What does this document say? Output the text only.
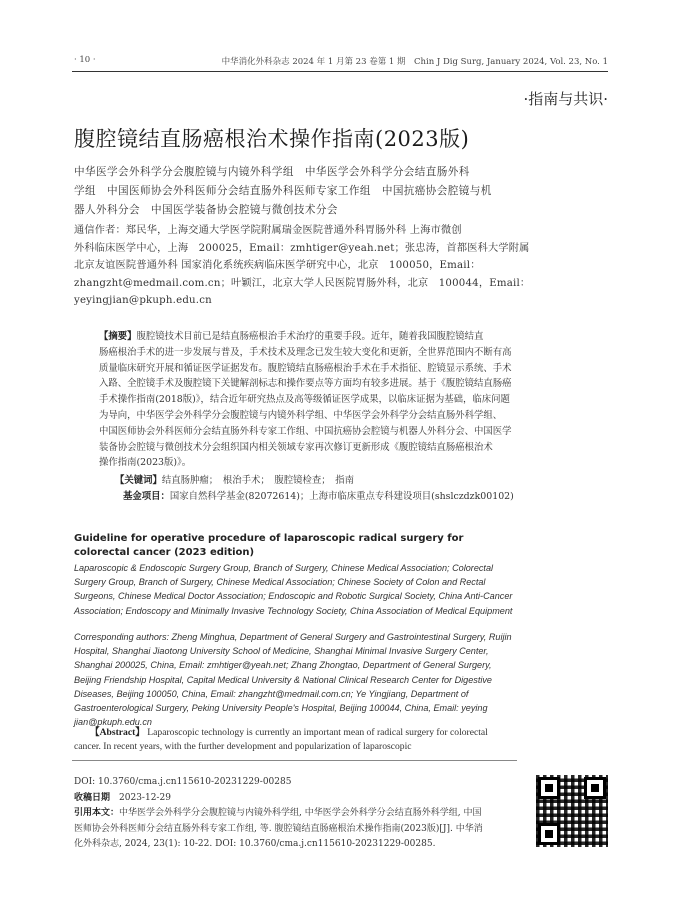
· 10 ·	中华消化外科杂志 2024 年 1 月第 23 卷第 1 期　Chin J Dig Surg, January 2024, Vol. 23, No. 1
·指南与共识·
腹腔镜结直肠癌根治术操作指南(2023版)
中华医学会外科学分会腹腔镜与内镜外科学组　中华医学会外科学分会结直肠外科
学组　中国医师协会外科医师分会结直肠外科医师专家工作组　中国抗癌协会腔镜与机
器人外科分会　中国医学装备协会腔镜与微创技术分会
通信作者：郑民华，上海交通大学医学院附属瑞金医院普通外科胃肠外科 上海市微创
外科临床医学中心，上海　200025，Email：zmhtiger@yeah.net；张忠涛，首都医科大学附属
北京友谊医院普通外科 国家消化系统疾病临床医学研究中心，北京　100050，Email：
zhangzht@medmail.com.cn；叶颖江，北京大学人民医院胃肠外科，北京　100044，Email：
yeyingjian@pkuph.edu.cn
【摘要】腹腔镜技术目前已是结直肠癌根治手术治疗的重要手段。近年，随着我国腹腔镜结直
肠癌根治手术的进一步发展与普及，手术技术及理念已发生较大变化和更新，全世界范围内不断有高
质量临床研究开展和循证医学证据发布。腹腔镜结直肠癌根治手术在手术指征、腔镜显示系统、手术
入路、全腔镜手术及腹腔镜下关键解剖标志和操作要点等方面均有较多进展。基于《腹腔镜结直肠癌
手术操作指南(2018版)》，结合近年研究热点及高等级循证医学成果，以临床证据为基础，临床问题
为导向，中华医学会外科学分会腹腔镜与内镜外科学组、中华医学会外科学分会结直肠外科学组、
中国医师协会外科医师分会结直肠外科专家工作组、中国抗癌协会腔镜与机器人外科分会、中国医学
装备协会腔镜与微创技术分会组织国内相关领域专家再次修订更新形成《腹腔镜结直肠癌根治术
操作指南(2023版)》。
【关键词】结直肠肿瘤；　根治手术；　腹腔镜检查；　指南
基金项目：国家自然科学基金(82072614)；上海市临床重点专科建设项目(shslczdzk00102)
Guideline for operative procedure of laparoscopic radical surgery for colorectal cancer (2023 edition)
Laparoscopic & Endoscopic Surgery Group, Branch of Surgery, Chinese Medical Association; Colorectal Surgery Group, Branch of Surgery, Chinese Medical Association; Chinese Society of Colon and Rectal Surgeons, Chinese Medical Doctor Association; Endoscopic and Robotic Surgical Society, China Anti-Cancer Association; Endoscopy and Minimally Invasive Technology Society, China Association of Medical Equipment
Corresponding authors: Zheng Minghua, Department of General Surgery and Gastrointestinal Surgery, Ruijin Hospital, Shanghai Jiaotong University School of Medicine, Shanghai Minimal Invasive Surgery Center, Shanghai 200025, China, Email: zmhtiger@yeah.net; Zhang Zhongtao, Department of General Surgery, Beijing Friendship Hospital, Capital Medical University & National Clinical Research Center for Digestive Diseases, Beijing 100050, China, Email: zhangzht@medmail.com.cn; Ye Yingjiang, Department of Gastroenterological Surgery, Peking University People's Hospital, Beijing 100044, China, Email: yeying jian@pkuph.edu.cn
【Abstract】 Laparoscopic technology is currently an important mean of radical surgery for colorectal cancer. In recent years, with the further development and popularization of laparoscopic
DOI: 10.3760/cma.j.cn115610-20231229-00285
收稿日期　 2023-12-29
引用本文：中华医学会外科学分会腹腔镜与内镜外科学组, 中华医学会外科学分会结直肠外科学组, 中国
医师协会外科医师分会结直肠外科专家工作组, 等. 腹腔镜结直肠癌根治术操作指南(2023版)[J]. 中华消
化外科杂志, 2024, 23(1): 10-22. DOI: 10.3760/cma.j.cn115610-20231229-00285.
